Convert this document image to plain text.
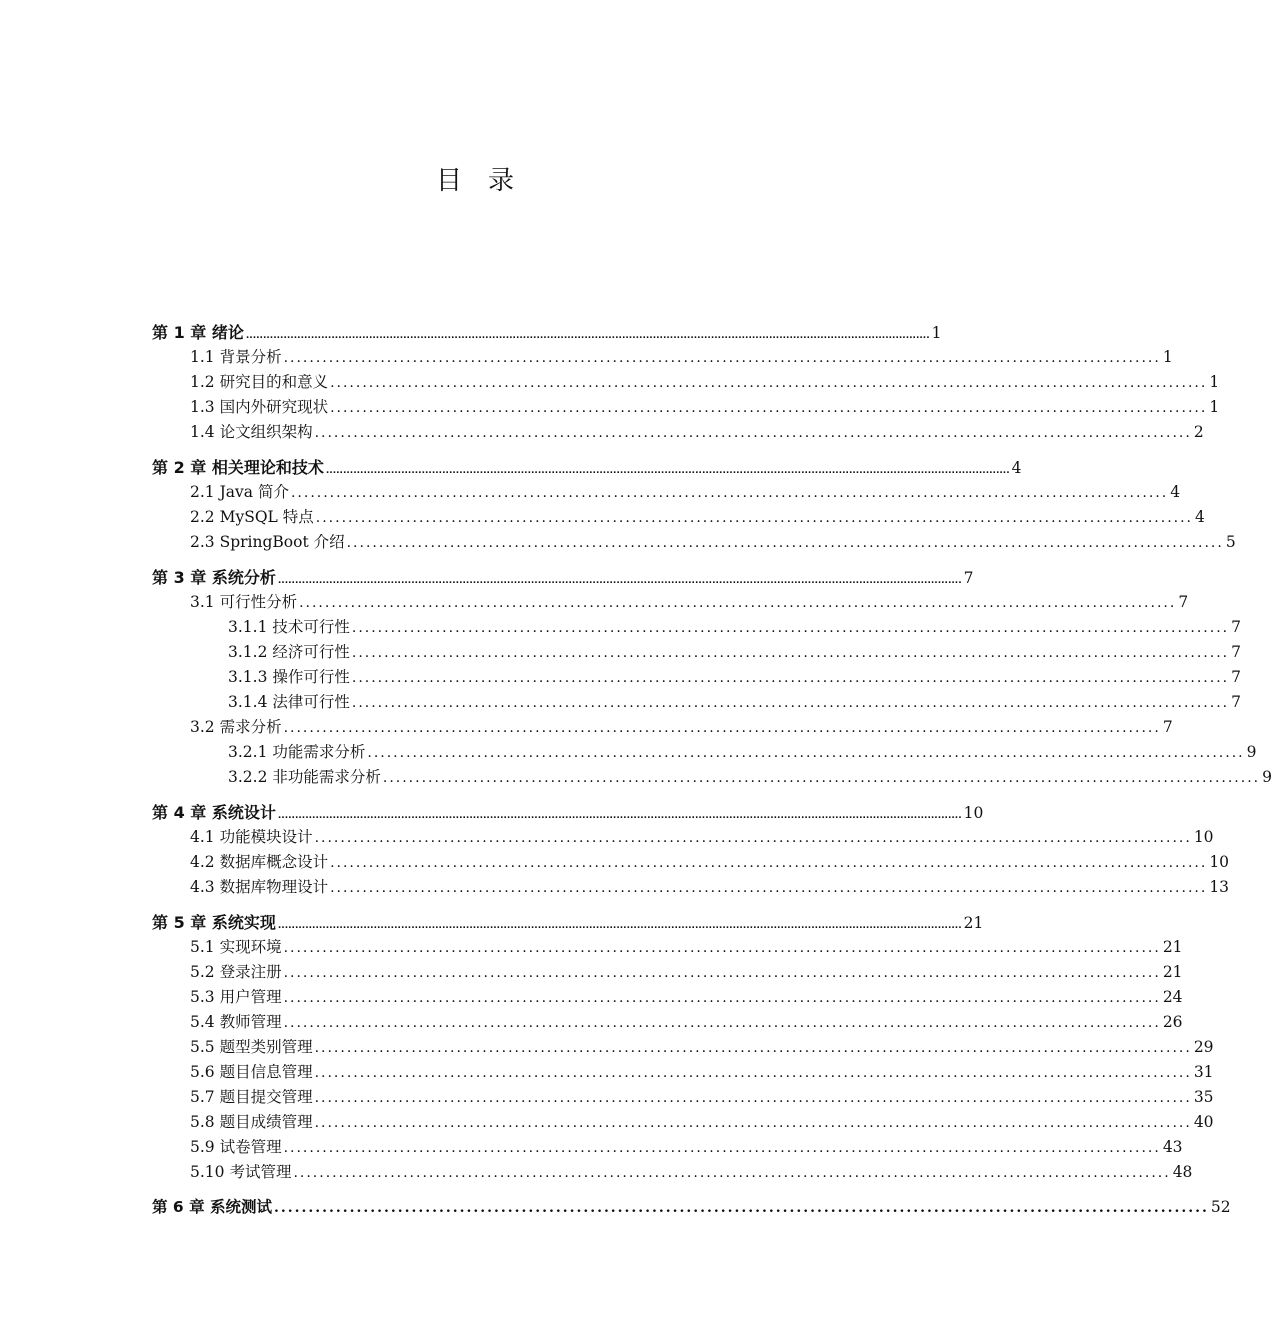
目　录
第 1 章 绪论 ........................................................................................................................................................................................................ 1
1.1 背景分析 ........................................................................................................................................ 1
1.2 研究目的和意义 ........................................................................................................................................ 1
1.3 国内外研究现状 ........................................................................................................................................ 1
1.4 论文组织架构 ........................................................................................................................................ 2
第 2 章 相关理论和技术 ........................................................................................................................................................................................................ 4
2.1 Java 简介 ........................................................................................................................................ 4
2.2 MySQL 特点 ........................................................................................................................................ 4
2.3 SpringBoot 介绍 ........................................................................................................................................ 5
第 3 章 系统分析 ........................................................................................................................................................................................................ 7
3.1 可行性分析 ........................................................................................................................................ 7
3.1.1 技术可行性 ........................................................................................................................................ 7
3.1.2 经济可行性 ........................................................................................................................................ 7
3.1.3 操作可行性 ........................................................................................................................................ 7
3.1.4 法律可行性 ........................................................................................................................................ 7
3.2 需求分析 ........................................................................................................................................ 7
3.2.1 功能需求分析 ........................................................................................................................................ 9
3.2.2 非功能需求分析 ........................................................................................................................................ 9
第 4 章 系统设计 ........................................................................................................................................................................................................ 10
4.1 功能模块设计 ........................................................................................................................................ 10
4.2 数据库概念设计 ........................................................................................................................................ 10
4.3 数据库物理设计 ........................................................................................................................................ 13
第 5 章 系统实现 ........................................................................................................................................................................................................ 21
5.1 实现环境 ........................................................................................................................................ 21
5.2 登录注册 ........................................................................................................................................ 21
5.3 用户管理 ........................................................................................................................................ 24
5.4 教师管理 ........................................................................................................................................ 26
5.5 题型类别管理 ........................................................................................................................................ 29
5.6 题目信息管理 ........................................................................................................................................ 31
5.7 题目提交管理 ........................................................................................................................................ 35
5.8 题目成绩管理 ........................................................................................................................................ 40
5.9 试卷管理 ........................................................................................................................................ 43
5.10 考试管理 ........................................................................................................................................ 48
第 6 章 系统测试 ........................................................................................................................................ 52
